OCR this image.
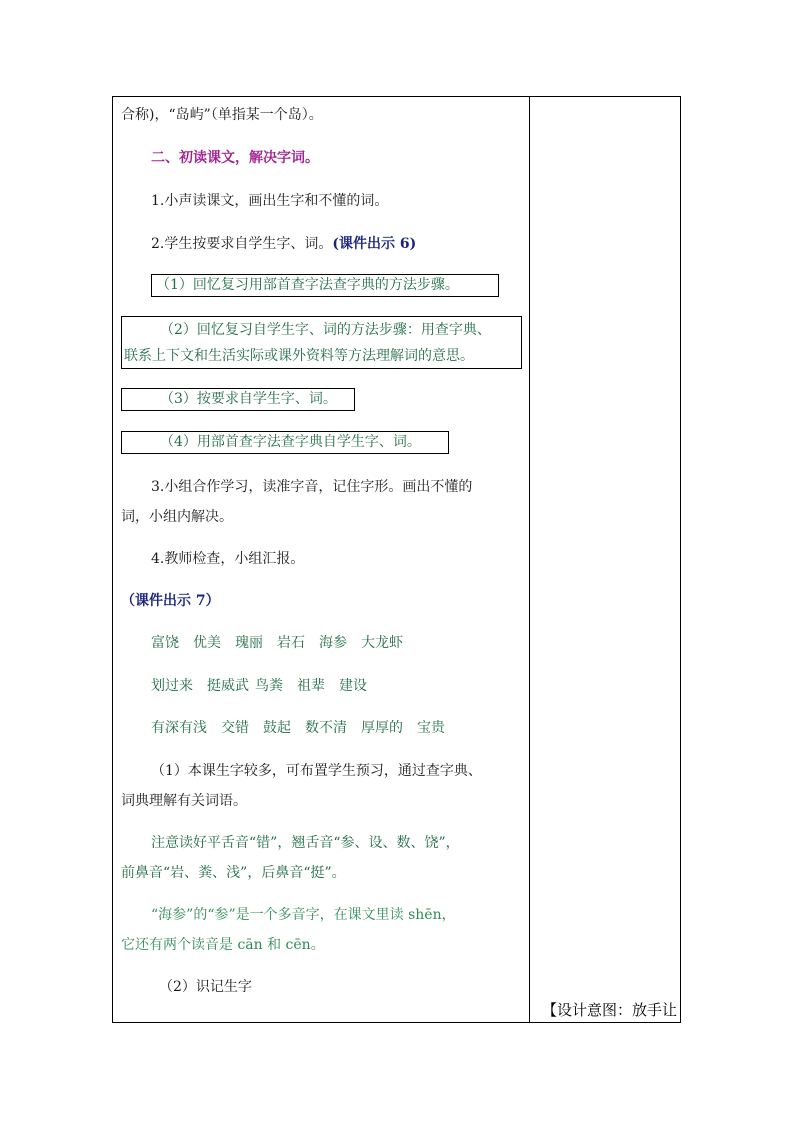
合称)，“岛屿”（单指某一个岛）。
二、初读课文，解决字词。
1.小声读课文，画出生字和不懂的词。
2.学生按要求自学生字、词。(课件出示 6)
（1）回忆复习用部首查字法查字典的方法步骤。
（2）回忆复习自学生字、词的方法步骤：用查字典、
联系上下文和生活实际或课外资料等方法理解词的意思。
（3）按要求自学生字、词。
（4）用部首查字法查字典自学生字、词。
3.小组合作学习，读准字音，记住字形。画出不懂的
词，小组内解决。
4.教师检查，小组汇报。
（课件出示 7）
富饶 优美 瑰丽 岩石 海参 大龙虾
划过来 挺威武 鸟粪 祖辈 建设
有深有浅 交错 鼓起 数不清 厚厚的 宝贵
（1）本课生字较多，可布置学生预习，通过查字典、
词典理解有关词语。
注意读好平舌音“错”，翘舌音“参、设、数、饶”，
前鼻音“岩、粪、浅”，后鼻音“挺”。
“海参”的“参”是一个多音字，在课文里读 shēn，
它还有两个读音是 cān 和 cēn。
（2）识记生字
【设计意图：放手让
